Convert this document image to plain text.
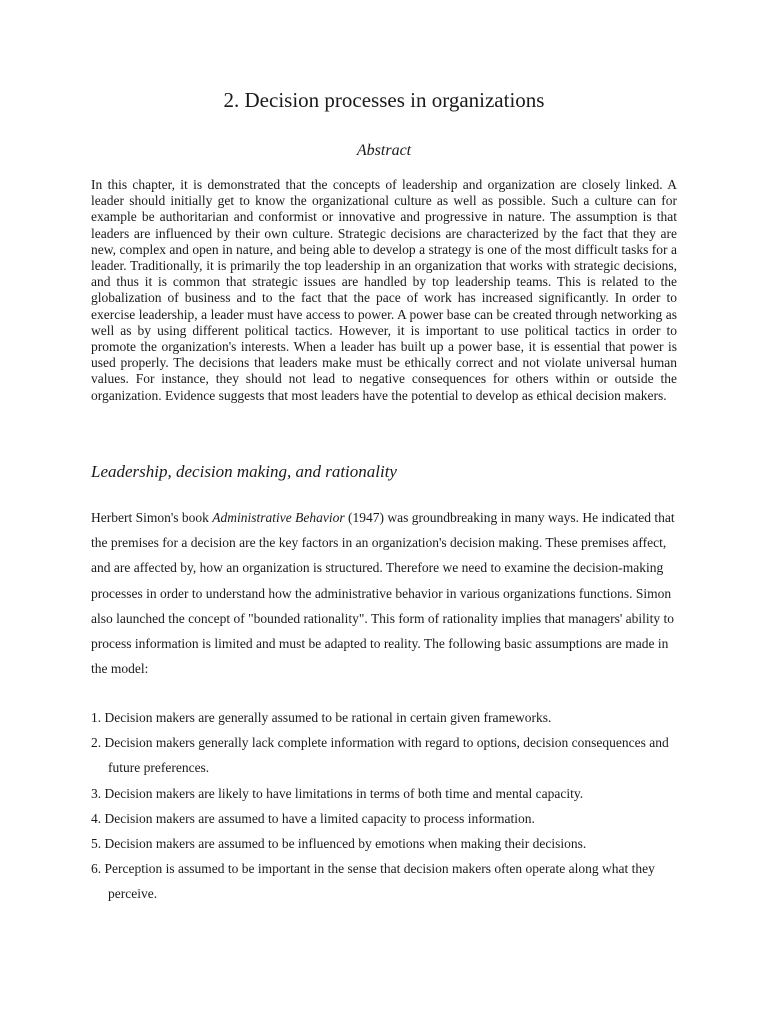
2. Decision processes in organizations
Abstract

In this chapter, it is demonstrated that the concepts of leadership and organization are closely linked. A leader should initially get to know the organizational culture as well as possible. Such a culture can for example be authoritarian and conformist or innovative and progressive in nature. The assumption is that leaders are influenced by their own culture. Strategic decisions are characterized by the fact that they are new, complex and open in nature, and being able to develop a strategy is one of the most difficult tasks for a leader. Traditionally, it is primarily the top leadership in an organization that works with strategic decisions, and thus it is common that strategic issues are handled by top leadership teams. This is related to the globalization of business and to the fact that the pace of work has increased significantly. In order to exercise leadership, a leader must have access to power. A power base can be created through networking as well as by using different political tactics. However, it is important to use political tactics in order to promote the organization's interests. When a leader has built up a power base, it is essential that power is used properly. The decisions that leaders make must be ethically correct and not violate universal human values. For instance, they should not lead to negative consequences for others within or outside the organization. Evidence suggests that most leaders have the potential to develop as ethical decision makers.

Leadership, decision making, and rationality

Herbert Simon's book Administrative Behavior (1947) was groundbreaking in many ways. He indicated that the premises for a decision are the key factors in an organization's decision making. These premises affect, and are affected by, how an organization is structured. Therefore we need to examine the decision-making processes in order to understand how the administrative behavior in various organizations functions. Simon also launched the concept of "bounded rationality". This form of rationality implies that managers' ability to process information is limited and must be adapted to reality. The following basic assumptions are made in the model:

1. Decision makers are generally assumed to be rational in certain given frameworks.
2. Decision makers generally lack complete information with regard to options, decision consequences and future preferences.
3. Decision makers are likely to have limitations in terms of both time and mental capacity.
4. Decision makers are assumed to have a limited capacity to process information.
5. Decision makers are assumed to be influenced by emotions when making their decisions.
6. Perception is assumed to be important in the sense that decision makers often operate along what they perceive.
